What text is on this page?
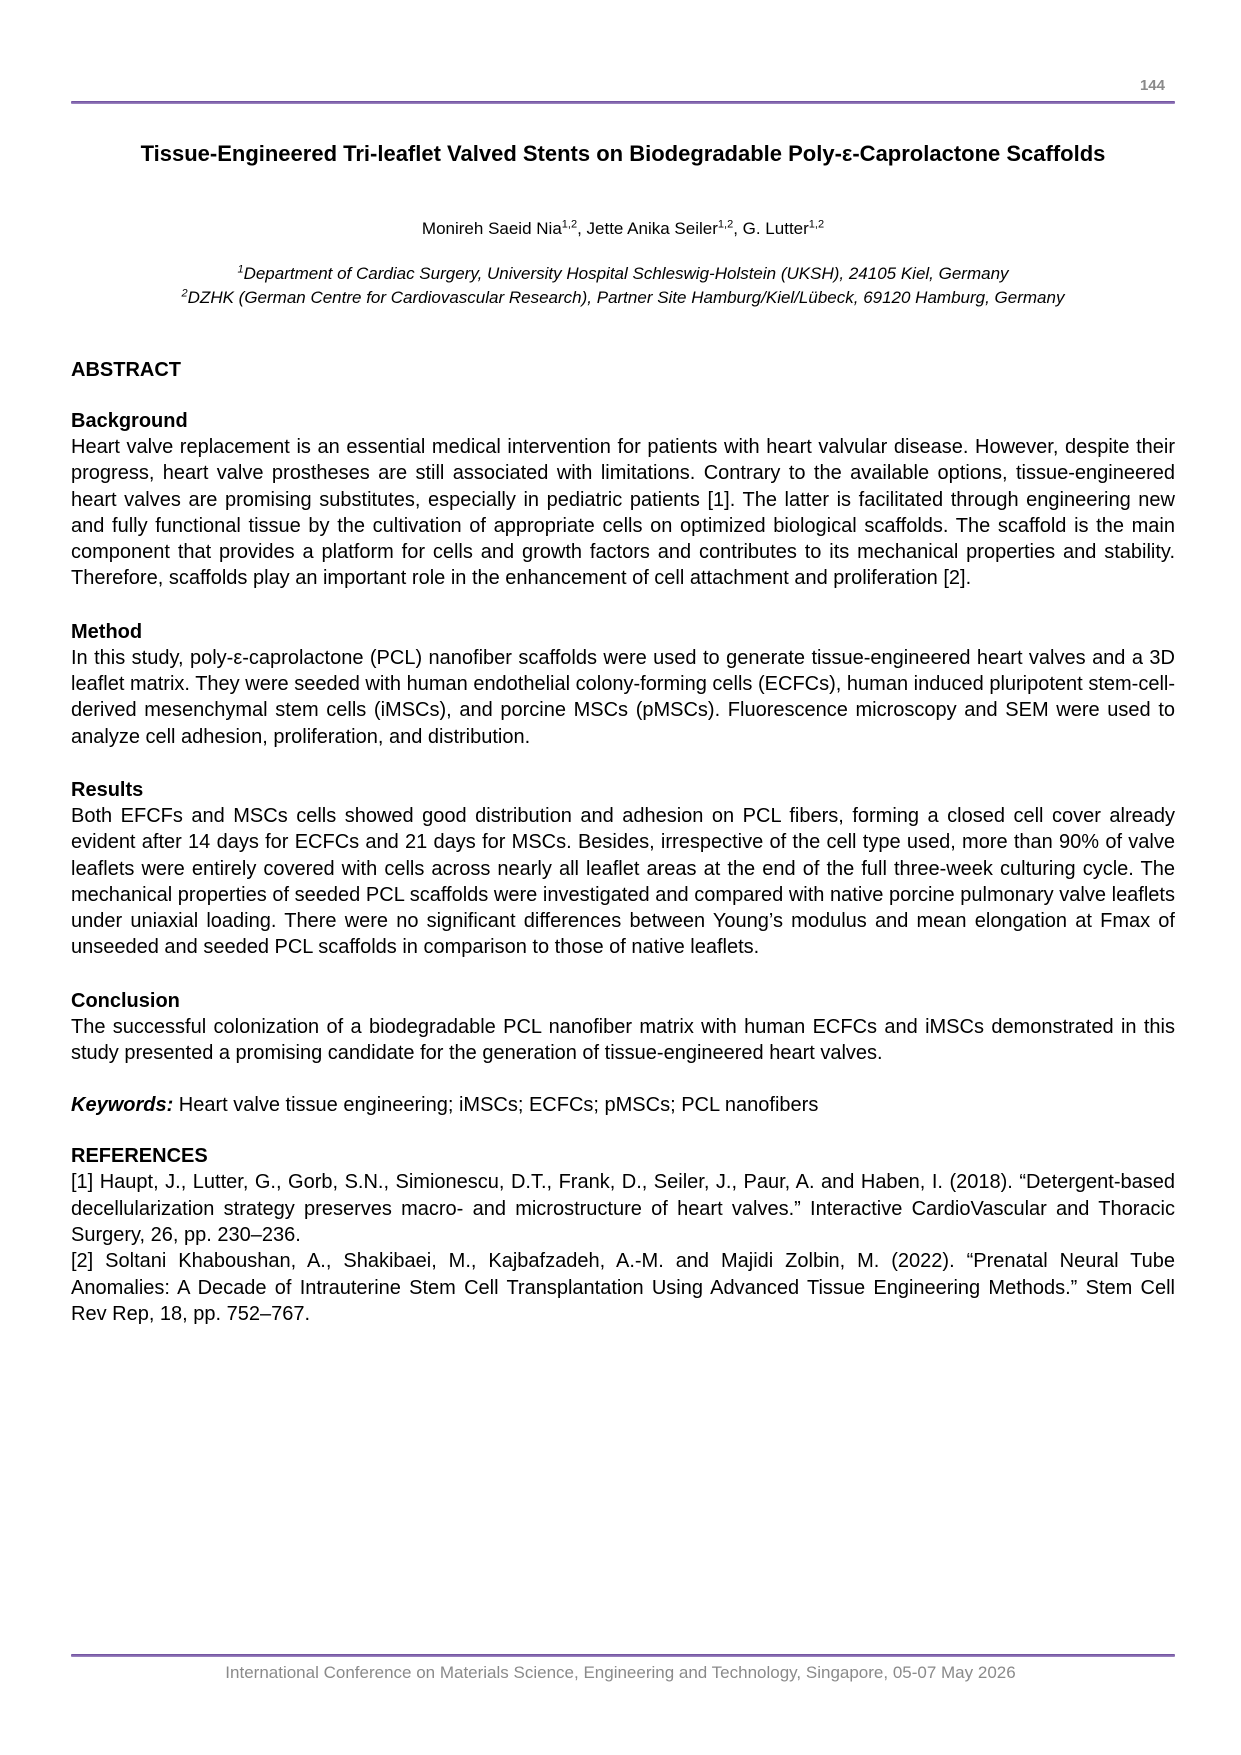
144
Tissue-Engineered Tri-leaflet Valved Stents on Biodegradable Poly-ε-Caprolactone Scaffolds
Monireh Saeid Nia$^{1,2}$, Jette Anika Seiler$^{1,2}$, G. Lutter$^{1,2}$
$^1$Department of Cardiac Surgery, University Hospital Schleswig-Holstein (UKSH), 24105 Kiel, Germany
$^2$DZHK (German Centre for Cardiovascular Research), Partner Site Hamburg/Kiel/Lübeck, 69120 Hamburg, Germany
ABSTRACT
Background

Heart valve replacement is an essential medical intervention for patients with heart valvular disease. However, despite their progress, heart valve prostheses are still associated with limitations. Contrary to the available options, tissue-engineered heart valves are promising substitutes, especially in pediatric patients [1]. The latter is facilitated through engineering new and fully functional tissue by the cultivation of appropriate cells on optimized biological scaffolds. The scaffold is the main component that provides a platform for cells and growth factors and contributes to its mechanical properties and stability. Therefore, scaffolds play an important role in the enhancement of cell attachment and proliferation [2].

Method

In this study, poly-ε-caprolactone (PCL) nanofiber scaffolds were used to generate tissue-engineered heart valves and a 3D leaflet matrix. They were seeded with human endothelial colony-forming cells (ECFCs), human induced pluripotent stem-cell-derived mesenchymal stem cells (iMSCs), and porcine MSCs (pMSCs). Fluorescence microscopy and SEM were used to analyze cell adhesion, proliferation, and distribution.

Results

Both EFCFs and MSCs cells showed good distribution and adhesion on PCL fibers, forming a closed cell cover already evident after 14 days for ECFCs and 21 days for MSCs. Besides, irrespective of the cell type used, more than 90% of valve leaflets were entirely covered with cells across nearly all leaflet areas at the end of the full three-week culturing cycle. The mechanical properties of seeded PCL scaffolds were investigated and compared with native porcine pulmonary valve leaflets under uniaxial loading. There were no significant differences between Young’s modulus and mean elongation at Fmax of unseeded and seeded PCL scaffolds in comparison to those of native leaflets.

Conclusion

The successful colonization of a biodegradable PCL nanofiber matrix with human ECFCs and iMSCs demonstrated in this study presented a promising candidate for the generation of tissue-engineered heart valves.

Keywords: Heart valve tissue engineering; iMSCs; ECFCs; pMSCs; PCL nanofibers
REFERENCES

[1] Haupt, J., Lutter, G., Gorb, S.N., Simionescu, D.T., Frank, D., Seiler, J., Paur, A. and Haben, I. (2018). “Detergent-based decellularization strategy preserves macro- and microstructure of heart valves.” Interactive CardioVascular and Thoracic Surgery, 26, pp. 230–236.

[2] Soltani Khaboushan, A., Shakibaei, M., Kajbafzadeh, A.-M. and Majidi Zolbin, M. (2022). “Prenatal Neural Tube Anomalies: A Decade of Intrauterine Stem Cell Transplantation Using Advanced Tissue Engineering Methods.” Stem Cell Rev Rep, 18, pp. 752–767.

International Conference on Materials Science, Engineering and Technology, Singapore, 05-07 May 2026
